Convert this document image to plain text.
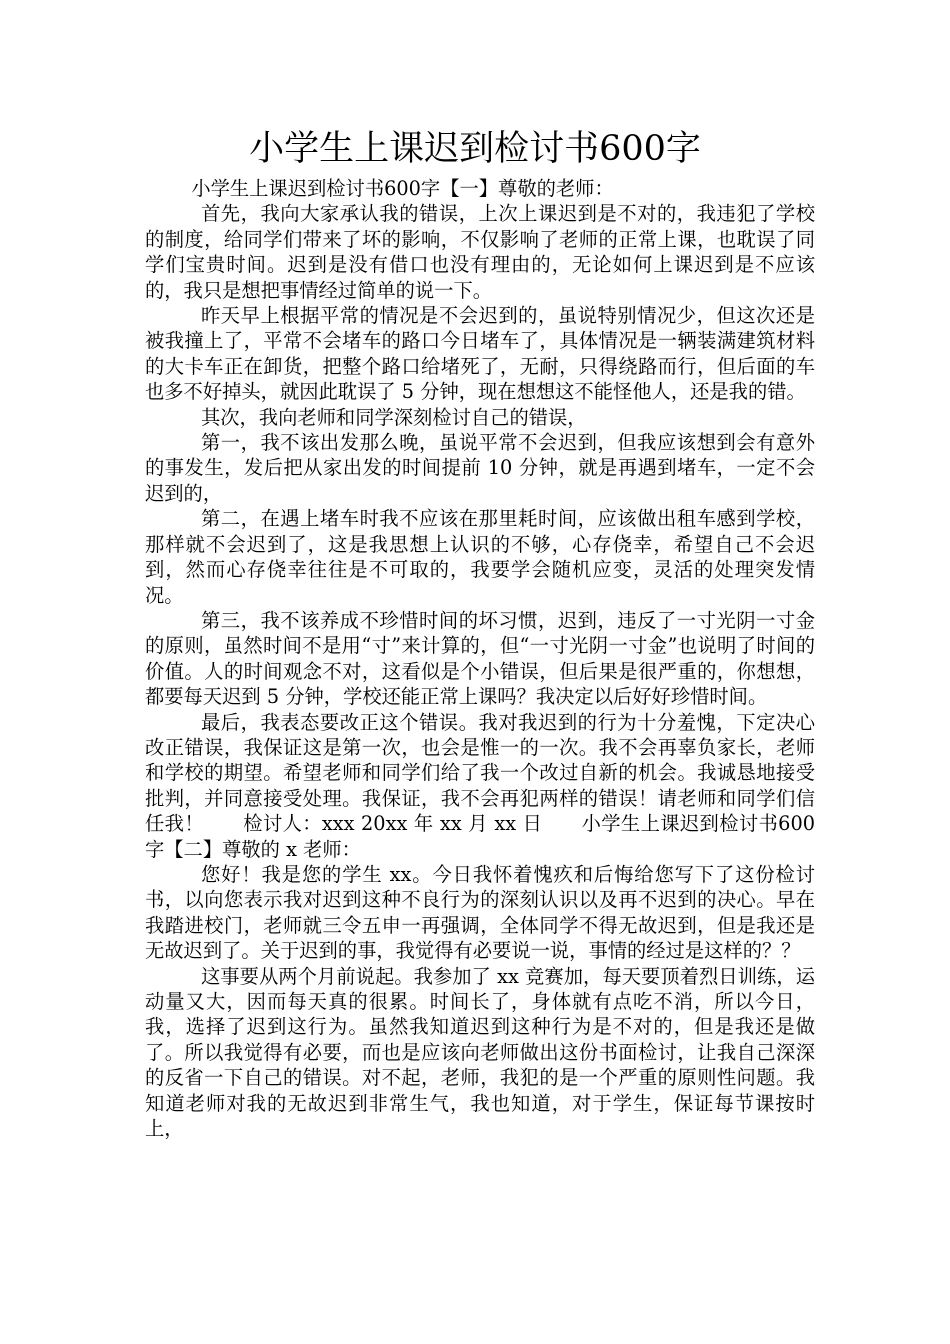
小学生上课迟到检讨书600字

小学生上课迟到检讨书600字【一】尊敬的老师：

首先，我向大家承认我的错误，上次上课迟到是不对的，我违犯了学校的制度，给同学们带来了坏的影响，不仅影响了老师的正常上课，也耽误了同学们宝贵时间。迟到是没有借口也没有理由的，无论如何上课迟到是不应该的，我只是想把事情经过简单的说一下。

昨天早上根据平常的情况是不会迟到的，虽说特别情况少，但这次还是被我撞上了，平常不会堵车的路口今日堵车了，具体情况是一辆装满建筑材料的大卡车正在卸货，把整个路口给堵死了，无耐，只得绕路而行，但后面的车也多不好掉头，就因此耽误了 5 分钟，现在想想这不能怪他人，还是我的错。

其次，我向老师和同学深刻检讨自己的错误，

第一，我不该出发那么晚，虽说平常不会迟到，但我应该想到会有意外的事发生，发后把从家出发的时间提前 10 分钟，就是再遇到堵车，一定不会迟到的，

第二，在遇上堵车时我不应该在那里耗时间，应该做出租车感到学校，那样就不会迟到了，这是我思想上认识的不够，心存侥幸，希望自己不会迟到，然而心存侥幸往往是不可取的，我要学会随机应变，灵活的处理突发情况。

第三，我不该养成不珍惜时间的坏习惯，迟到，违反了一寸光阴一寸金的原则，虽然时间不是用“寸”来计算的，但“一寸光阴一寸金”也说明了时间的价值。人的时间观念不对，这看似是个小错误，但后果是很严重的，你想想，都要每天迟到 5 分钟，学校还能正常上课吗？我决定以后好好珍惜时间。

最后，我表态要改正这个错误。我对我迟到的行为十分羞愧，下定决心改正错误，我保证这是第一次，也会是惟一的一次。我不会再辜负家长，老师和学校的期望。希望老师和同学们给了我一个改过自新的机会。我诚恳地接受批判，并同意接受处理。我保证，我不会再犯两样的错误！请老师和同学们信任我！　　检讨人：xxx 20xx 年 xx 月 xx 日　　小学生上课迟到检讨书600字【二】尊敬的 x 老师：

您好！我是您的学生 xx。今日我怀着愧疚和后悔给您写下了这份检讨书，以向您表示我对迟到这种不良行为的深刻认识以及再不迟到的决心。早在我踏进校门，老师就三令五申一再强调，全体同学不得无故迟到，但是我还是无故迟到了。关于迟到的事，我觉得有必要说一说，事情的经过是这样的？？

这事要从两个月前说起。我参加了 xx 竞赛加，每天要顶着烈日训练，运动量又大，因而每天真的很累。时间长了，身体就有点吃不消，所以今日，我，选择了迟到这行为。虽然我知道迟到这种行为是不对的，但是我还是做了。所以我觉得有必要，而也是应该向老师做出这份书面检讨，让我自己深深的反省一下自己的错误。对不起，老师，我犯的是一个严重的原则性问题。我知道老师对我的无故迟到非常生气，我也知道，对于学生，保证每节课按时上，
